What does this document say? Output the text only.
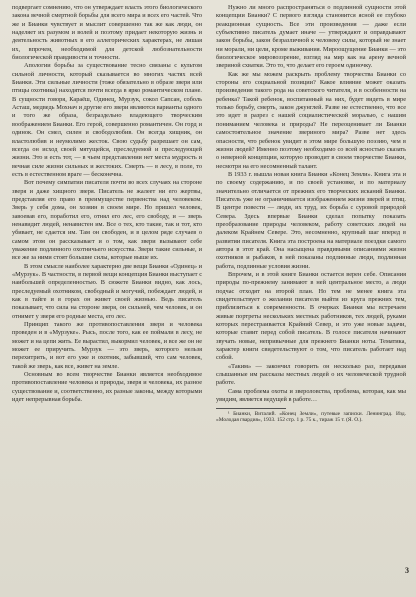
подвергает сомнению, что он утверждает власть этого биологического закона вечной смертной борьбы для всего мира и всех его частей. Что же и Бианки чувствует и мыслит совершенно так же как люди, он наделяет их разумом и волей и поэтому придает некоторую жизнь и деятельность животных в его аллегорических характерах, не лишая их, впрочем, необходимой для детской любознательности биологической правдивости и точности.

Апологии борьбы за существование тесно связаны с культом сильной личности, который сказывается во многих частях всей Бианки. Эти сильные личности (тоже обязательно в образе зверя или птицы охотника) находятся почти всегда в ярко романтическом плане. В сущности говоря, Караёш, Одинец, Мурзук, сокол Сапсан, соболь Асташ, медведь Мохнач и другие его звери являются варианты одного и того же образа, безраздельно владеющего творческим воображением Бианки. Его герой, совершенно романтичен. Он горд и одинок. Он смел, силен и свободолюбив. Он всегда хищник, он властолюбив и неумолимо жесток. Свою судьбу разрешает он сам, всегда он исход своей мятущейся, преследуемой и преследующей жизни. Это и есть тот, — в чьем представлении нет места мудрость и вечная силе жизни сильных и жестоких. Смерть — в лесу, в поле, то есть в естественном враге — бесконечна.

Вот почему симпатии писателя почти во всех случаях на стороне зверя и даже хищного зверя. Писатель не жалеет ни его жертвы, представляя его право в преимуществе первенства над человеком. Зверь у себя дома, он хозяин в своем мире. Но пришел человек, завоевав его, поработил его, отнял его лес, его свободу, и — зверь ненавидит людей, ненавистен им. Все о тех, кто такие, так и тот, кто убивает, не сдается им. Там он свободен, и в целом ряде случаев о самом этом он рассказывает и о том, как звери вызывают себе уважение подлинного охотничьего искусства. Звери такие сильные, и все же за ними стоят большие силы, которые выше их.

В этом смысле наиболее характерно две вещи Бианки «Одинец» и «Мурзук». В частности, в первой вещи концепция Бианки выступает с наибольшей определенностью. В сюжете Бианки видно, как лось, преследуемый охотником, свободный и могучий, побеждает людей, и как в тайге и в горах он живет своей жизнью. Ведь писатель показывает, что сила на стороне зверя, он сильней, чем человек, и он отнимет у зверя его родные места, его лес.

Принцип такого же противопоставления зверя и человека проведен и в «Мурзуке». Рысь, после того, как ее поймали в лесу, не может и на цепи жить. Ее вырастил, выкормил человек, и все же он не может ее приручить. Мурзук — это зверь, которого нельзя перехитрить, и вот его уже и охотник, забывший, что сам человек, такой же зверь, как все, живет на земле.

Основным во всем творчестве Бианки является необходимое противопоставление человека и природы, зверя и человека, их разное существование и, соответственно, их разные законы, между которыми идет непрерывная борьба.

Нужно ли много распространяться о подлинной сущности этой концепции Бианки? С первого взгляда становится ясной ее глубоко реакционная сущность. Все эти произведения — даже если субъективно писатель думает иначе — утверждают и оправдывают закон борьбы, закон безразличной к человеку силы, который не знает ни морали, ни цели, кроме выживания. Мироощущение Бианки — это биологическое мировоззрение, взгляд на мир как на арену вечной звериной схватки. Это то, что делает его героем одиночку.

Как же мы можем раскрыть проблему творчества Бианки со стороны его социальной позиции? Какое влияние может оказать произведения такого рода на советского читателя, и в особенности на ребенка? Такой ребенок, воспитанный на них, будет видеть в мире только борьбу, смерть, закон джунглей. Разве не естественно, что все это идет в разрез с нашей социалистической моралью, с нашим пониманием человека и природы? Не переоценивает ли Бианки самостоятельное значение звериного мира? Разве нет здесь опасности, что ребенок увидит в этом мире большую поэзию, чем в жизни людей? Именно поэтому необходимо со всей ясностью сказать о неверной концепции, которую проводит в своем творчестве Бианки, несмотря на его несомненный талант.

В 1933 г. вышла новая книга Бианки «Конец Земли». Книга эта и по своему содержанию, и по своей установке, и по материалу значительно отличается от прежних его творческих исканий Бианки. Писатель уже не ограничивается изображением жизни зверей и птиц. В центре повести — люди, их труд, их борьба с суровой природой Севера. Здесь впервые Бианки сделал попытку показать преобразование природы человеком, работу советских людей на далеком Крайнем Севере. Это, несомненно, крупный шаг вперед в развитии писателя. Книга эта построена на материале поездки самого автора в этот край. Она насыщена правдивыми описаниями жизни охотников и рыбаков, в ней показаны подлинные люди, подлинная работа, подлинные условия жизни.

Впрочем, и в этой книге Бианки остается верен себе. Описания природы по-прежнему занимают в ней центральное место, а люди подчас отходят на второй план. Но тем не менее книга эта свидетельствует о желании писателя выйти из круга прежних тем, приблизиться к современности. В очерках Бианки мы встречаем живые портреты нескольких местных работников, тех людей, руками которых перестраивается Крайний Север, и это уже новые задачи, которые ставит перед собой писатель. В голосе писателя начинают звучать новые, непривычные для прежнего Бианки ноты. Тематика, характер книги свидетельствуют о том, что писатель работает над собой.

«Таким» — закончил говорить он несколько раз, передавая слышанные им рассказы местных людей о их человеческой трудной работе.

Сама проблема охоты и звероловства, проблема, которая, как мы увидим, является ведущей в работе…

¹ Бианки, Виталий. «Конец Земли», путевые записки. Ленинград. Изд. «Молодая гвардия», 1933. 152 стр. 1 р. 75 к., тираж 15 т. (Я. О.).

3
